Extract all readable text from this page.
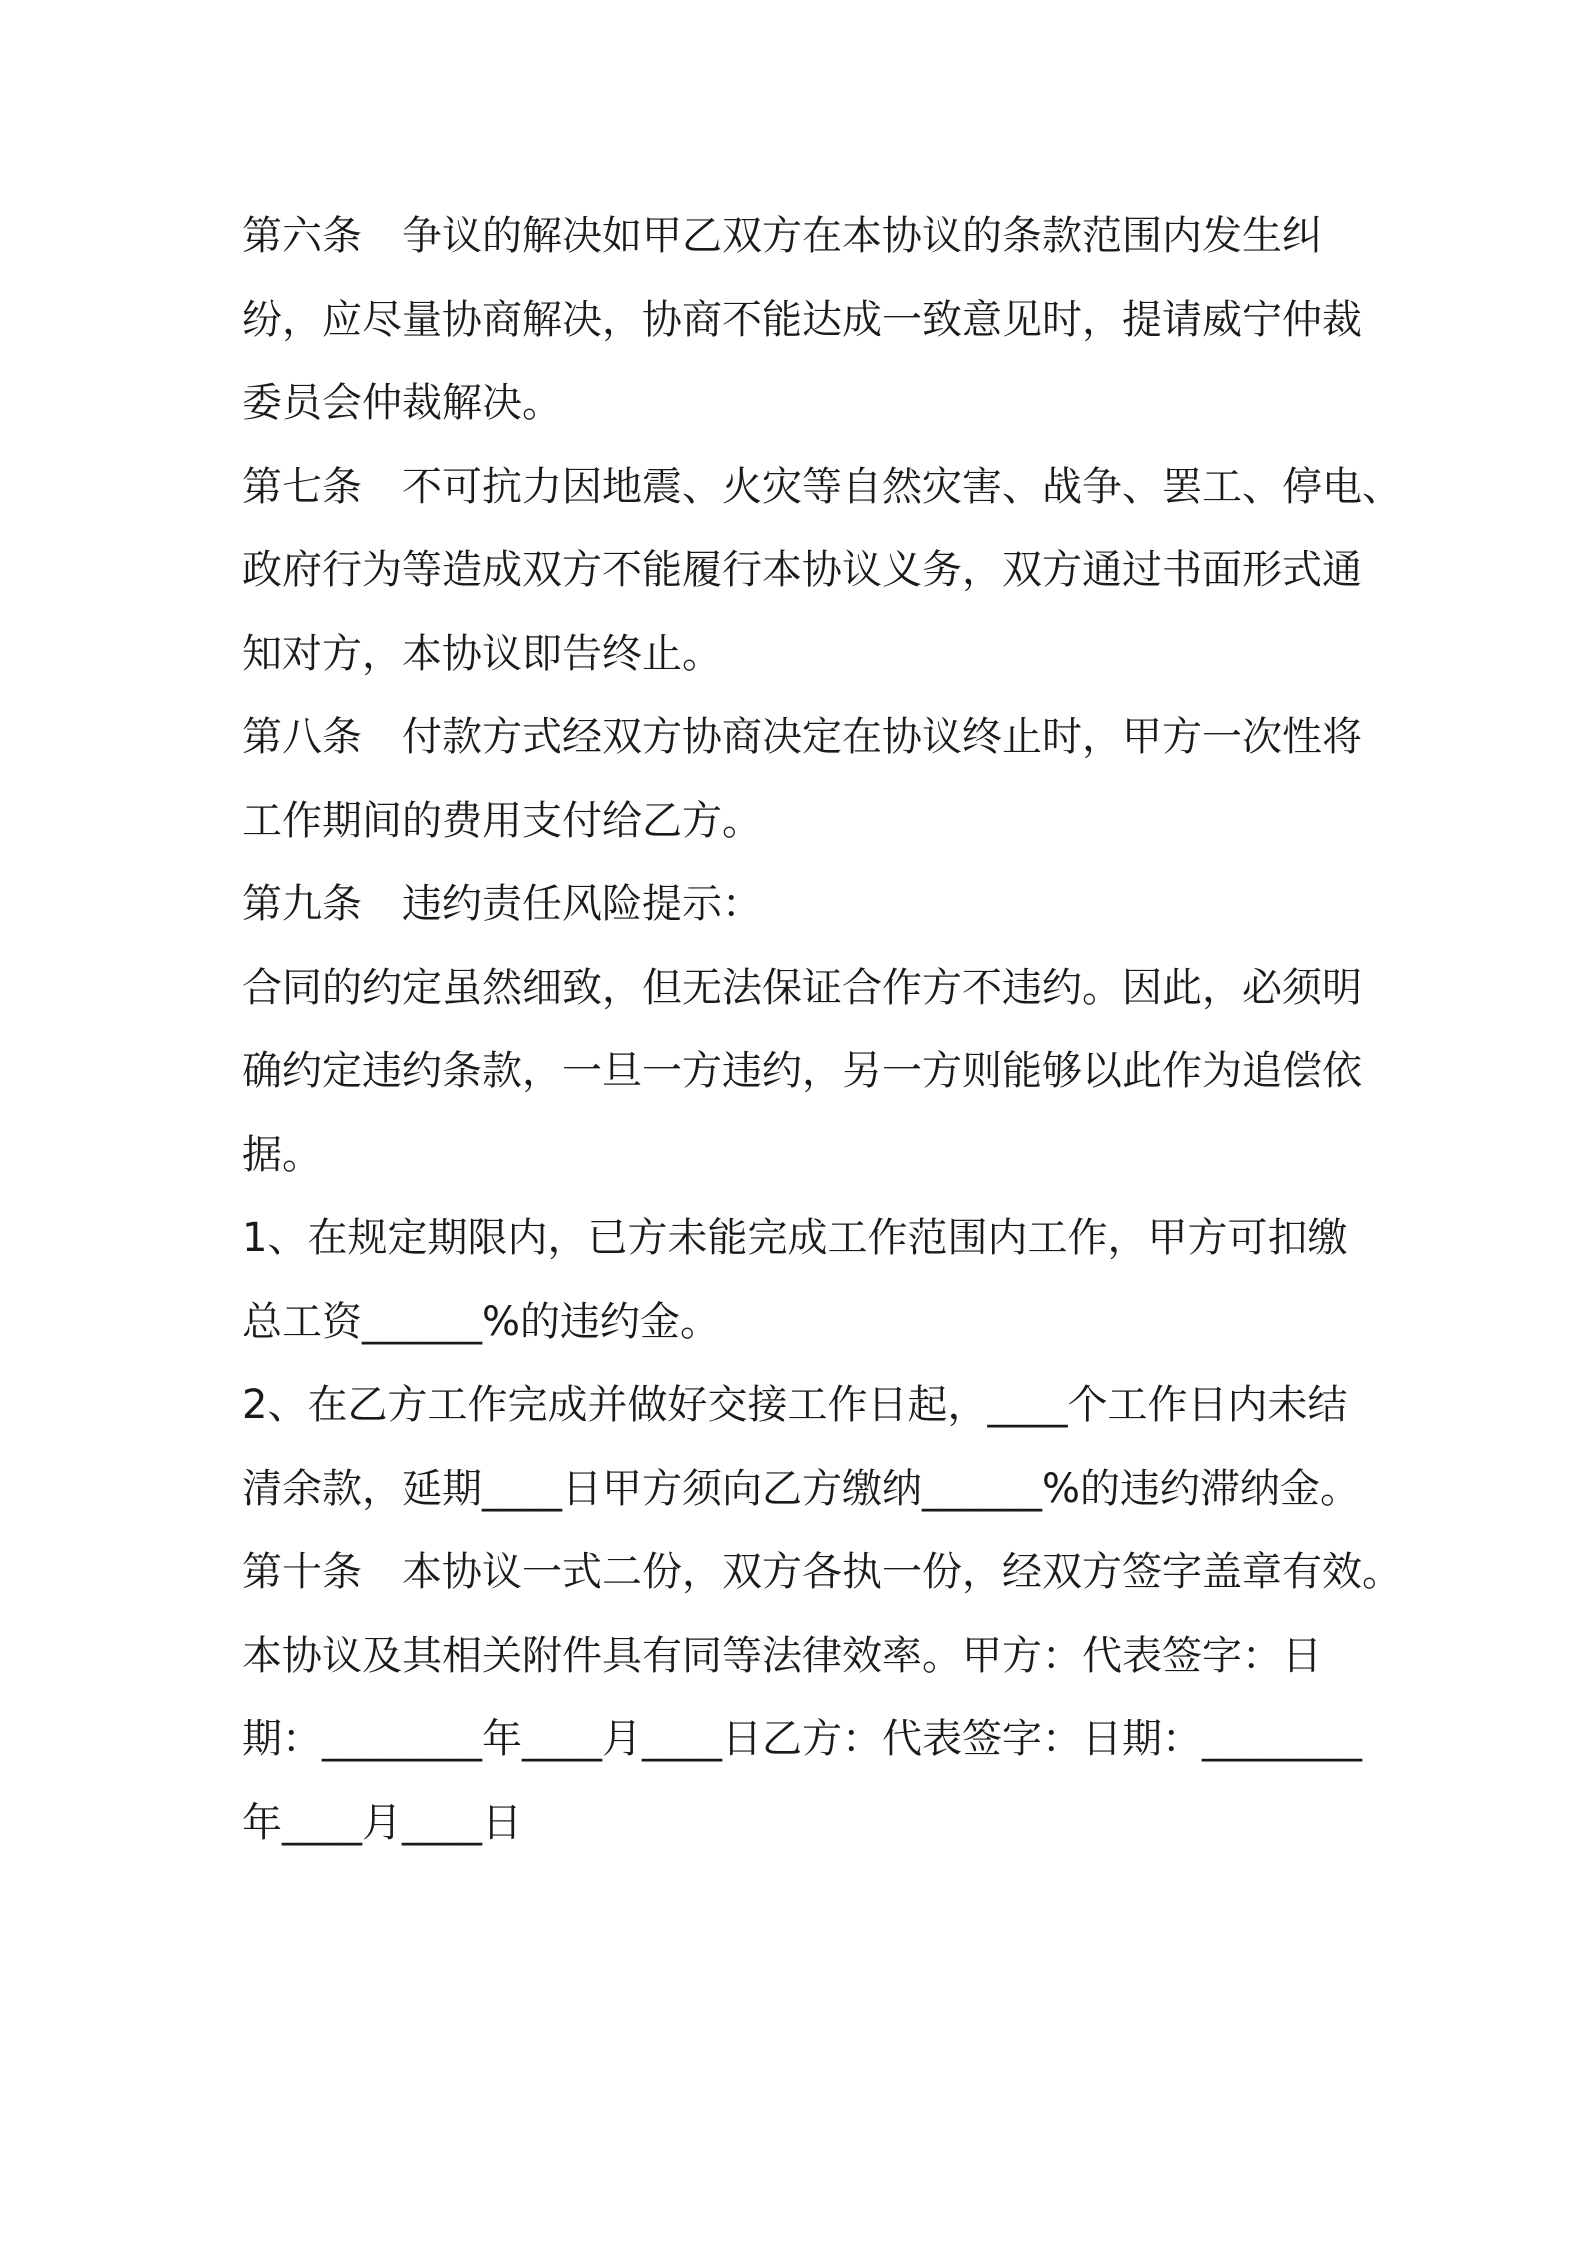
第六条　争议的解决如甲乙双方在本协议的条款范围内发生纠
纷，应尽量协商解决，协商不能达成一致意见时，提请威宁仲裁
委员会仲裁解决。
第七条　不可抗力因地震、火灾等自然灾害、战争、罢工、停电、
政府行为等造成双方不能履行本协议义务，双方通过书面形式通
知对方，本协议即告终止。
第八条　付款方式经双方协商决定在协议终止时，甲方一次性将
工作期间的费用支付给乙方。
第九条　违约责任风险提示：
合同的约定虽然细致，但无法保证合作方不违约。因此，必须明
确约定违约条款，一旦一方违约，另一方则能够以此作为追偿依
据。
1、在规定期限内，已方未能完成工作范围内工作，甲方可扣缴
总工资______%的违约金。
2、在乙方工作完成并做好交接工作日起，____个工作日内未结
清余款，延期____日甲方须向乙方缴纳______%的违约滞纳金。
第十条　本协议一式二份，双方各执一份，经双方签字盖章有效。
本协议及其相关附件具有同等法律效率。甲方：代表签字：日
期：________年____月____日乙方：代表签字：日期：________
年____月____日
